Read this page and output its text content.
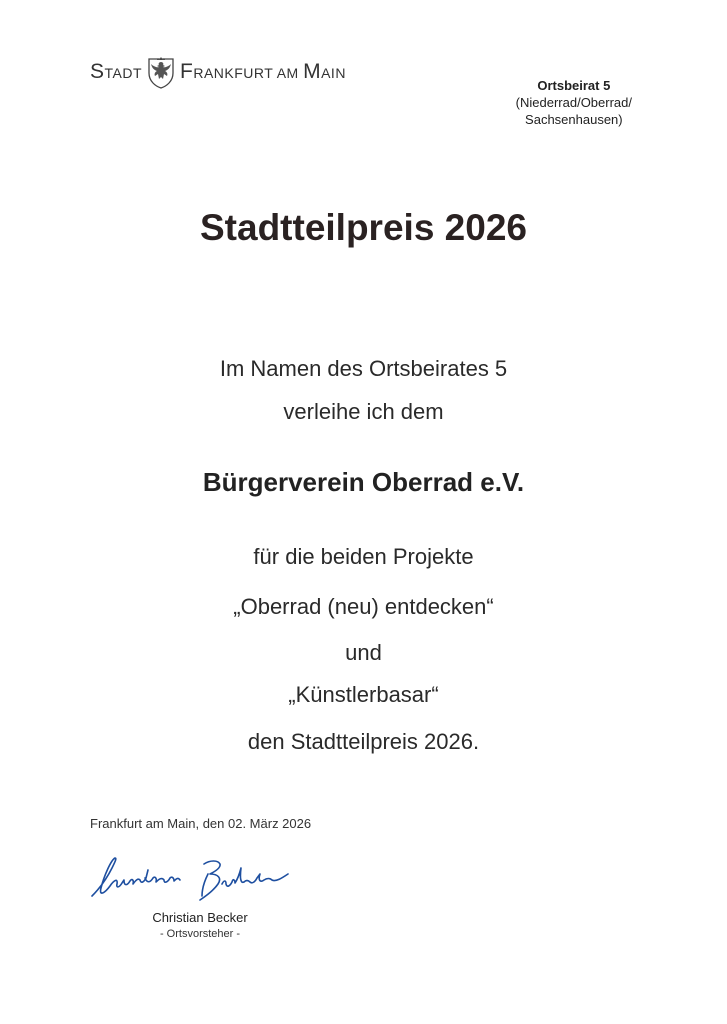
STADT FRANKFURT AM MAIN
Ortsbeirat 5
(Niederrad/Oberrad/
Sachsenhausen)
Stadtteilpreis 2026
Im Namen des Ortsbeirates 5
verleihe ich dem
Bürgerverein Oberrad e.V.
für die beiden Projekte
„Oberrad (neu) entdecken“
und
„Künstlerbasar“
den Stadtteilpreis 2026.
Frankfurt am Main, den 02. März 2026
Christian Becker
- Ortsvorsteher -
